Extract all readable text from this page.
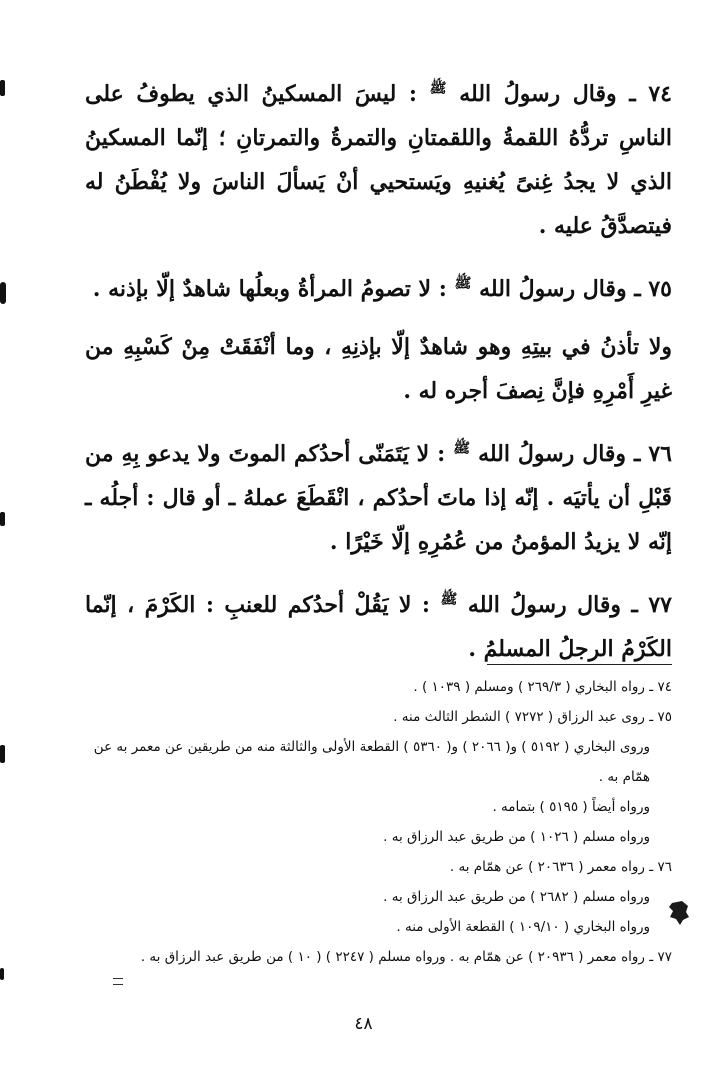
٧٤ ـ وقال رسولُ الله $^ﷺ$ : ليسَ المسكينُ الذي يطوفُ على الناسِ تردُّهُ اللقمةُ واللقمتانِ والتمرةُ والتمرتانِ ؛ إنّما المسكينُ الذي لا يجدُ غِنىً يُغنيهِ ويَستحيي أنْ يَسألَ الناسَ ولا يُفْطَنُ له فيتصدَّقُ عليه .

٧٥ ـ وقال رسولُ الله $^ﷺ$ : لا تصومُ المرأةُ وبعلُها شاهدٌ إلّا بإذنه .

ولا تأذنُ في بيتِهِ وهو شاهدٌ إلّا بإذنِهِ ، وما أنْفَقَتْ مِنْ كَسْبِهِ من غيرِ أَمْرِهِ فإنَّ نِصفَ أجره له .

٧٦ ـ وقال رسولُ الله $^ﷺ$ : لا يَتَمَنّى أحدُكم الموتَ ولا يدعو بِهِ من قَبْلِ أن يأتيَه . إنّه إذا ماتَ أحدُكم ، انْقَطَعَ عملهُ ـ أو قال : أجلُه ـ إنّه لا يزيدُ المؤمنُ من عُمُرِهِ إلّا خَيْرًا .

٧٧ ـ وقال رسولُ الله $^ﷺ$ : لا يَقُلْ أحدُكم للعنبِ : الكَرْمَ ، إنّما الكَرْمُ الرجلُ المسلمُ .

٧٤ ـ رواه البخاري ( ٢٦٩/٣ ) ومسلم ( ١٠٣٩ ) .

٧٥ ـ روى عبد الرزاق ( ٧٢٧٢ ) الشطر الثالث منه .

وروى البخاري ( ٥١٩٢ ) و( ٢٠٦٦ ) و( ٥٣٦٠ ) القطعة الأولى والثالثة منه من طريقين عن معمر به عن همّام به .

ورواه أيضاً ( ٥١٩٥ ) بتمامه .

ورواه مسلم ( ١٠٢٦ ) من طريق عبد الرزاق به .

٧٦ ـ رواه معمر ( ٢٠٦٣٦ ) عن همّام به .

ورواه مسلم ( ٢٦٨٢ ) من طريق عبد الرزاق به .

ورواه البخاري ( ١٠٩/١٠ ) القطعة الأولى منه .

٧٧ ـ رواه معمر ( ٢٠٩٣٦ ) عن همّام به . ورواه مسلم ( ٢٢٤٧ ) ( ١٠ ) من طريق عبد الرزاق به .

٤٨
